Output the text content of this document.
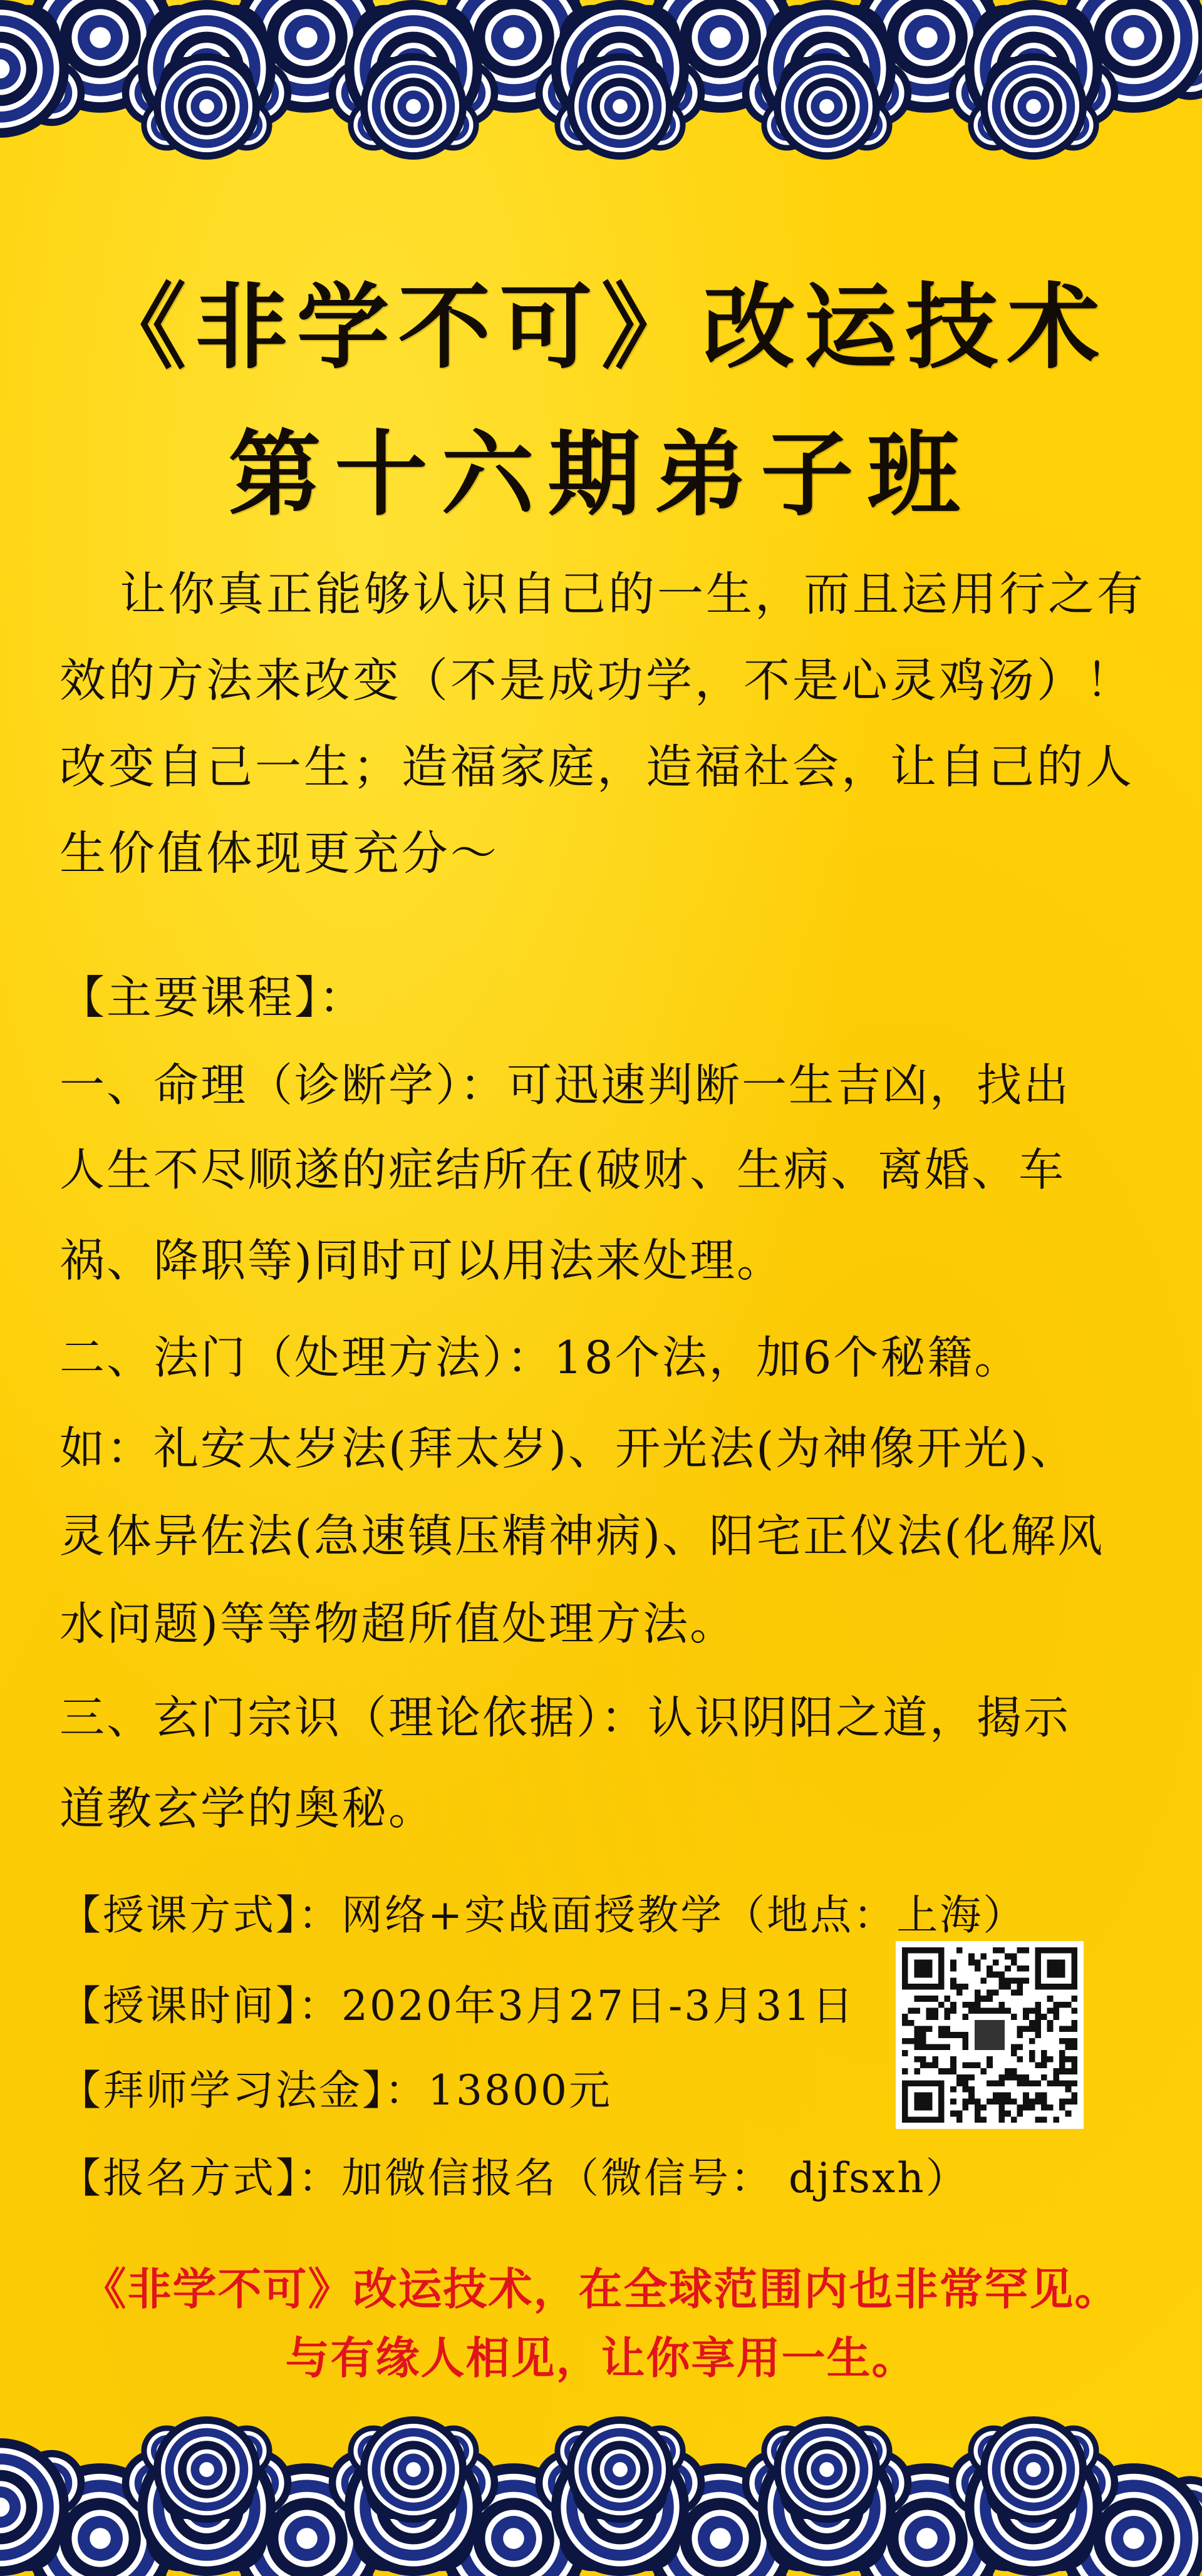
《非学不可》改运技术
第十六期弟子班
让你真正能够认识自己的一生，而且运用行之有效的方法来改变（不是成功学，不是心灵鸡汤）！改变自己一生；造福家庭，造福社会，让自己的人生价值体现更充分～
【主要课程】：
一、命理（诊断学）：可迅速判断一生吉凶，找出
人生不尽顺遂的症结所在(破财、生病、离婚、车
祸、降职等)同时可以用法来处理。
二、法门（处理方法）：18个法，加6个秘籍。
如：礼安太岁法(拜太岁)、开光法(为神像开光)、
灵体异佐法(急速镇压精神病)、阳宅正仪法(化解风
水问题)等等物超所值处理方法。
三、玄门宗识（理论依据）：认识阴阳之道，揭示
道教玄学的奥秘。
【授课方式】：网络+实战面授教学（地点：上海）
【授课时间】：2020年3月27日-3月31日
【拜师学习法金】：13800元
【报名方式】：加微信报名（微信号： djfsxh）
《非学不可》改运技术，在全球范围内也非常罕见。
与有缘人相见，让你享用一生。
